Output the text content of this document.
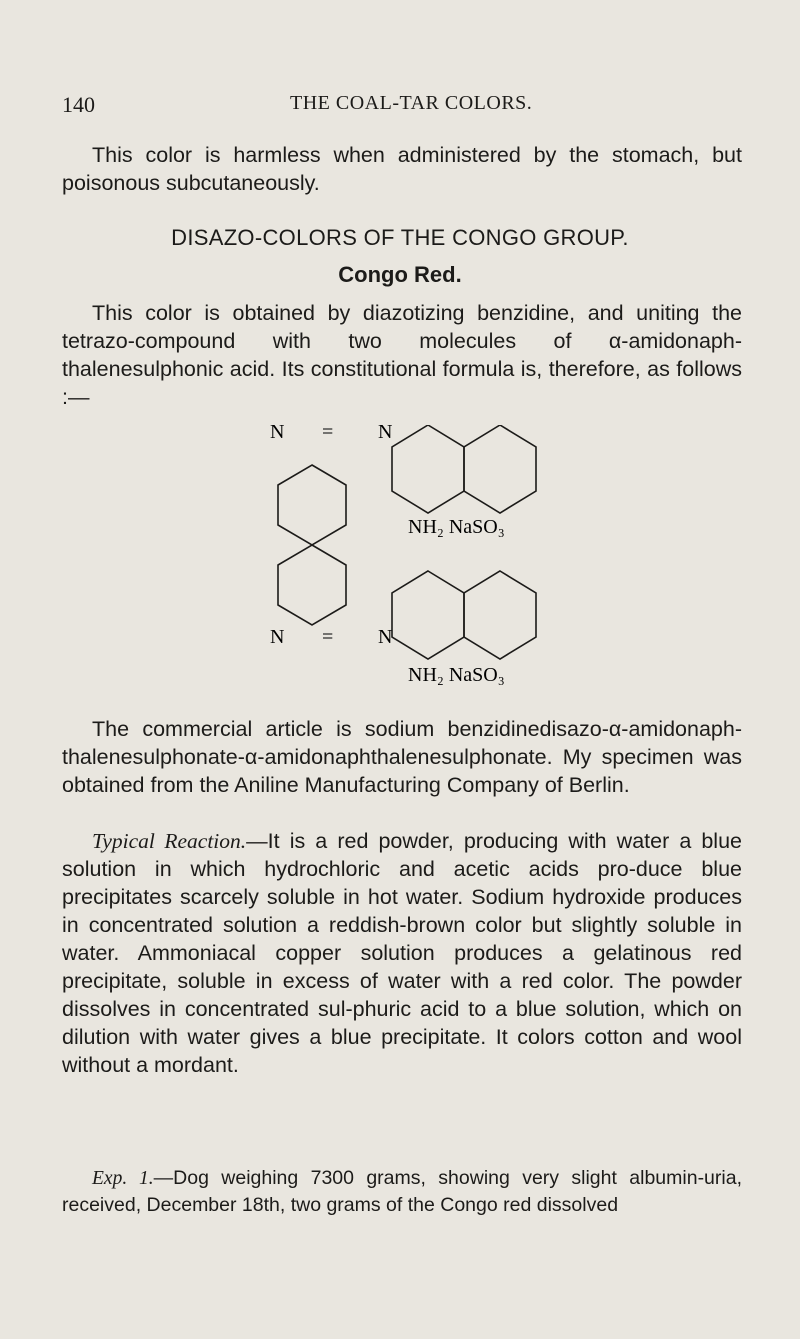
140	THE COAL-TAR COLORS.
This color is harmless when administered by the stomach, but poisonous subcutaneously.
DISAZO-COLORS OF THE CONGO GROUP.
Congo Red.
This color is obtained by diazotizing benzidine, and uniting the tetrazo-compound with two molecules of α-amidonaph-thalenesulphonic acid. Its constitutional formula is, therefore, as follows :—
N = N
NH₂ NaSO₃
N = N
NH₂ NaSO₃
The commercial article is sodium benzidinedisazo-α-amidonaph-thalenesulphonate-α-amidonaphthalenesulphonate. My specimen was obtained from the Aniline Manufacturing Company of Berlin.
Typical Reaction.—It is a red powder, producing with water a blue solution in which hydrochloric and acetic acids pro-duce blue precipitates scarcely soluble in hot water. Sodium hydroxide produces in concentrated solution a reddish-brown color but slightly soluble in water. Ammoniacal copper solution produces a gelatinous red precipitate, soluble in excess of water with a red color. The powder dissolves in concentrated sul-phuric acid to a blue solution, which on dilution with water gives a blue precipitate. It colors cotton and wool without a mordant.
Exp. 1.—Dog weighing 7300 grams, showing very slight albumin-uria, received, December 18th, two grams of the Congo red dissolved
